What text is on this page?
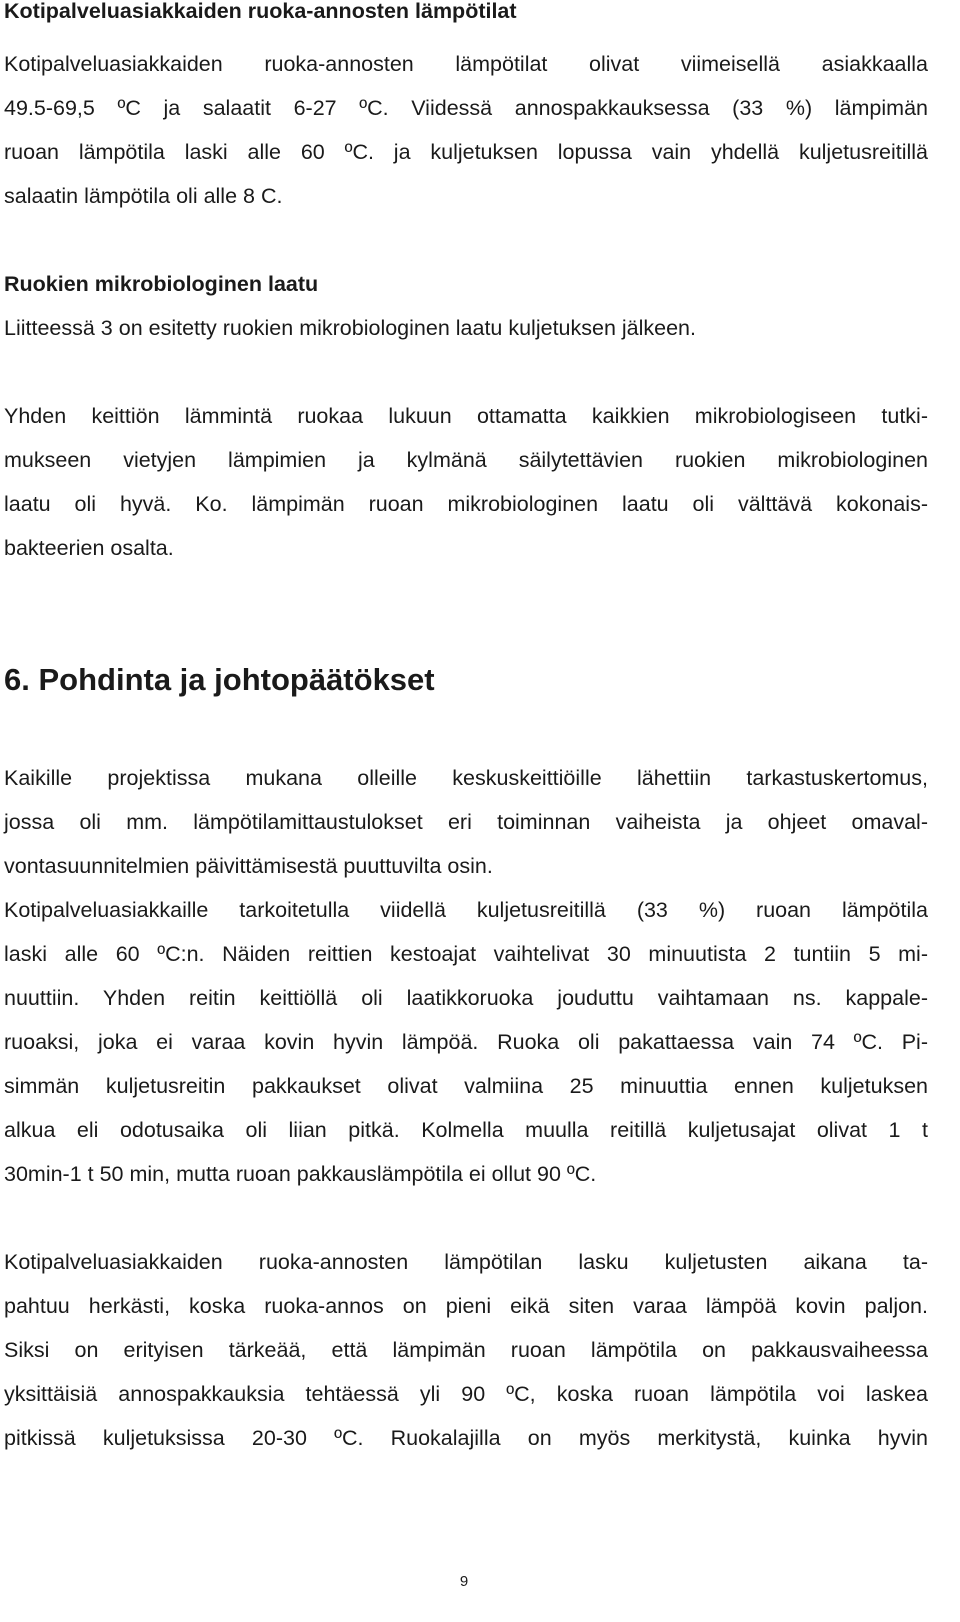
Kotipalveluasiakkaiden ruoka-annosten lämpötilat
Kotipalveluasiakkaiden ruoka-annosten lämpötilat olivat viimeisellä asiakkaalla
49.5-69,5 ºC ja salaatit 6-27 ºC. Viidessä annospakkauksessa (33 %) lämpimän
ruoan lämpötila laski alle 60 ºC. ja kuljetuksen lopussa vain yhdellä kuljetusreitillä
salaatin lämpötila oli alle 8 C.
Ruokien mikrobiologinen laatu
Liitteessä 3 on esitetty ruokien mikrobiologinen laatu kuljetuksen jälkeen.
Yhden keittiön lämmintä ruokaa lukuun ottamatta kaikkien mikrobiologiseen tutki-
mukseen vietyjen lämpimien ja kylmänä säilytettävien ruokien mikrobiologinen
laatu oli hyvä. Ko. lämpimän ruoan mikrobiologinen laatu oli välttävä kokonais-
bakteerien osalta.
6. Pohdinta ja johtopäätökset
Kaikille projektissa mukana olleille keskuskeittiöille lähettiin tarkastuskertomus,
jossa oli mm. lämpötilamittaustulokset eri toiminnan vaiheista ja ohjeet omaval-
vontasuunnitelmien päivittämisestä puuttuvilta osin.
Kotipalveluasiakkaille tarkoitetulla viidellä kuljetusreitillä (33 %) ruoan lämpötila
laski alle 60 ºC:n. Näiden reittien kestoajat vaihtelivat 30 minuutista 2 tuntiin 5 mi-
nuuttiin. Yhden reitin keittiöllä oli laatikkoruoka jouduttu vaihtamaan ns. kappale-
ruoaksi, joka ei varaa kovin hyvin lämpöä. Ruoka oli pakattaessa vain 74 ºC. Pi-
simmän kuljetusreitin pakkaukset olivat valmiina 25 minuuttia ennen kuljetuksen
alkua eli odotusaika oli liian pitkä. Kolmella muulla reitillä kuljetusajat olivat 1 t
30min-1 t 50 min, mutta ruoan pakkauslämpötila ei ollut 90 ºC.
Kotipalveluasiakkaiden ruoka-annosten lämpötilan lasku kuljetusten aikana ta-
pahtuu herkästi, koska ruoka-annos on pieni eikä siten varaa lämpöä kovin paljon.
Siksi on erityisen tärkeää, että lämpimän ruoan lämpötila on pakkausvaiheessa
yksittäisiä annospakkauksia tehtäessä yli 90 ºC, koska ruoan lämpötila voi laskea
pitkissä kuljetuksissa 20-30 ºC. Ruokalajilla on myös merkitystä, kuinka hyvin
9
